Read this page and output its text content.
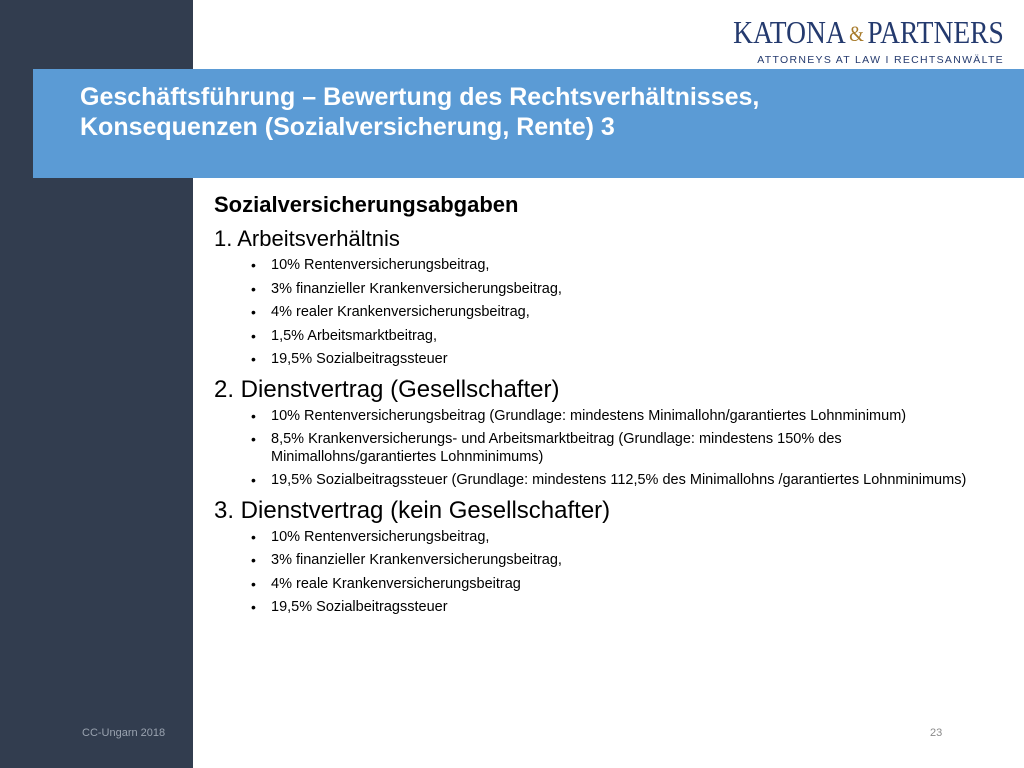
KATONA & PARTNERS
ATTORNEYS AT LAW I RECHTSANWÄLTE
Geschäftsführung – Bewertung des Rechtsverhältnisses,
Konsequenzen (Sozialversicherung, Rente) 3
Sozialversicherungsabgaben
1. Arbeitsverhältnis
• 10% Rentenversicherungsbeitrag,
• 3% finanzieller Krankenversicherungsbeitrag,
• 4% realer Krankenversicherungsbeitrag,
• 1,5% Arbeitsmarktbeitrag,
• 19,5% Sozialbeitragssteuer
2. Dienstvertrag (Gesellschafter)
• 10% Rentenversicherungsbeitrag (Grundlage: mindestens Minimallohn/garantiertes Lohnminimum)
• 8,5% Krankenversicherungs- und Arbeitsmarktbeitrag (Grundlage: mindestens 150% des Minimallohns/garantiertes Lohnminimums)
• 19,5% Sozialbeitragssteuer (Grundlage: mindestens 112,5% des Minimallohns /garantiertes Lohnminimums)
3. Dienstvertrag (kein Gesellschafter)
• 10% Rentenversicherungsbeitrag,
• 3% finanzieller Krankenversicherungsbeitrag,
• 4% reale Krankenversicherungsbeitrag
• 19,5% Sozialbeitragssteuer
CC-Ungarn 2018	23
